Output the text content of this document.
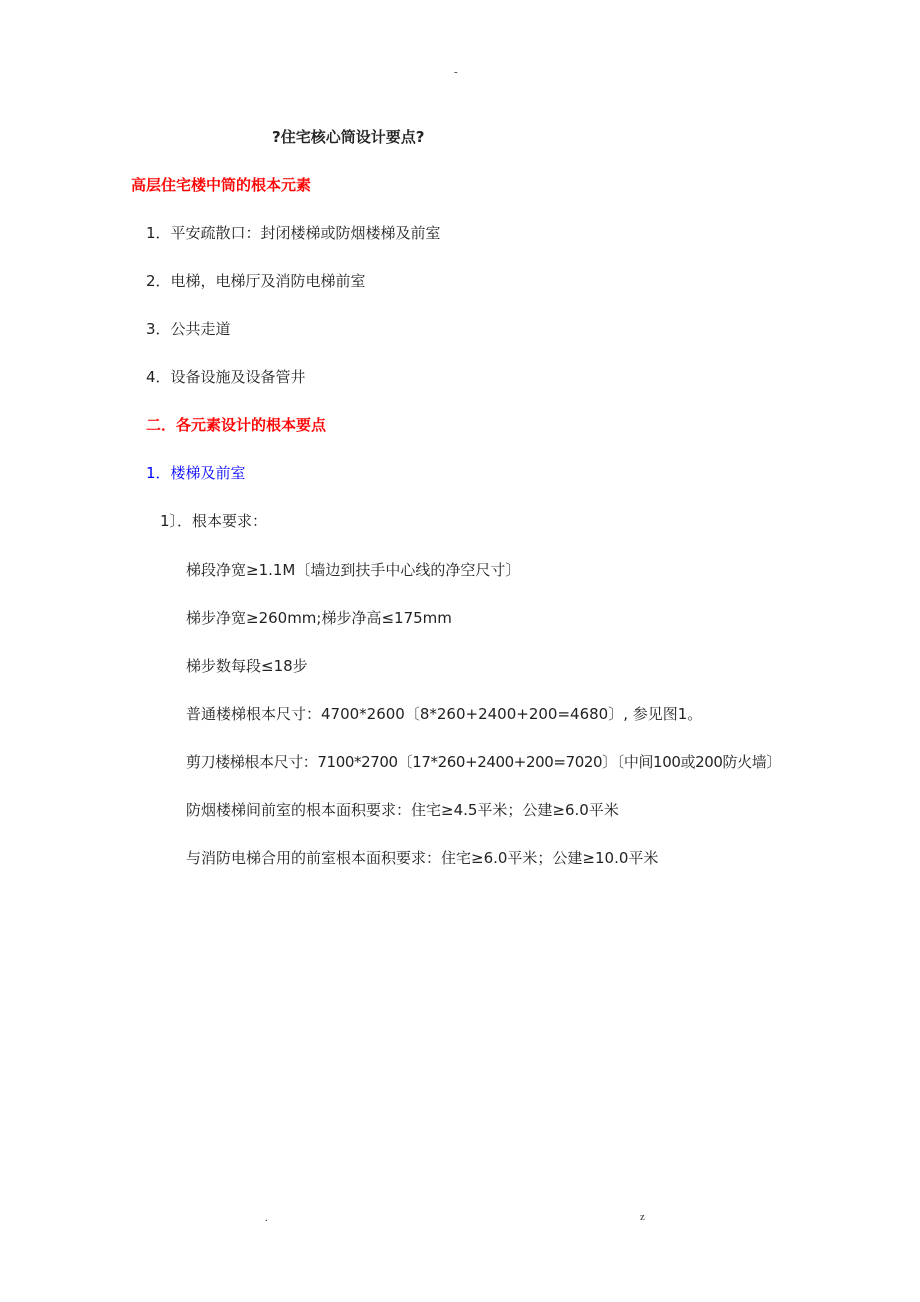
-
?住宅核心筒设计要点?
高层住宅楼中筒的根本元素
1．平安疏散口：封闭楼梯或防烟楼梯及前室
2．电梯，电梯厅及消防电梯前室
3．公共走道
4．设备设施及设备管井
二．各元素设计的根本要点
1．楼梯及前室
1〕．根本要求：
梯段净宽≥1.1M〔墙边到扶手中心线的净空尺寸〕
梯步净宽≥260mm;梯步净高≤175mm
梯步数每段≤18步
普通楼梯根本尺寸：4700*2600〔8*260+2400+200=4680〕, 参见图1。
剪刀楼梯根本尺寸：7100*2700〔17*260+2400+200=7020〕〔中间100或200防火墙〕
防烟楼梯间前室的根本面积要求：住宅≥4.5平米；公建≥6.0平米
与消防电梯合用的前室根本面积要求：住宅≥6.0平米；公建≥10.0平米
.	z
